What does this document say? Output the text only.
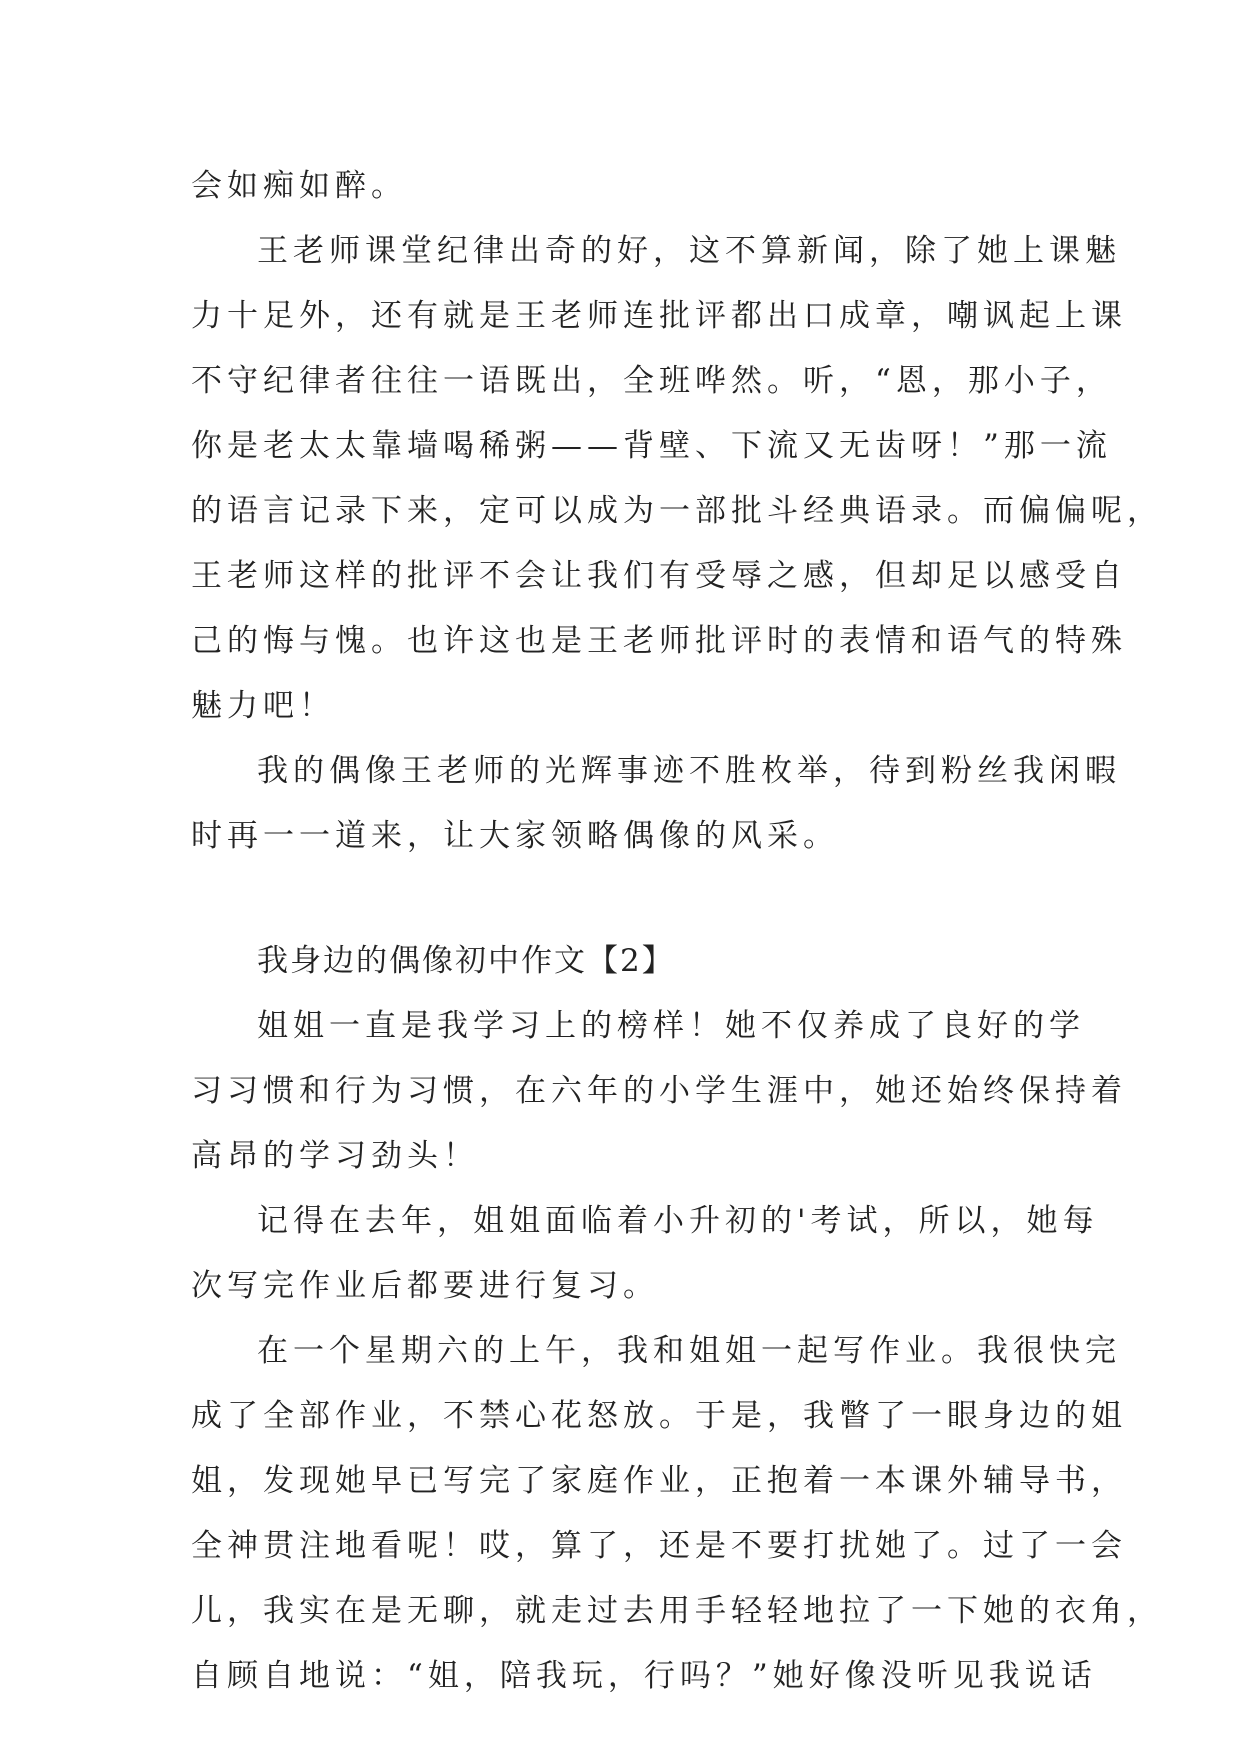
会如痴如醉。
王老师课堂纪律出奇的好，这不算新闻，除了她上课魅
力十足外，还有就是王老师连批评都出口成章，嘲讽起上课
不守纪律者往往一语既出，全班哗然。听，“恩，那小子，
你是老太太靠墙喝稀粥——背壁、下流又无齿呀！”那一流
的语言记录下来，定可以成为一部批斗经典语录。而偏偏呢，
王老师这样的批评不会让我们有受辱之感，但却足以感受自
己的悔与愧。也许这也是王老师批评时的表情和语气的特殊
魅力吧！
我的偶像王老师的光辉事迹不胜枚举，待到粉丝我闲暇
时再一一道来，让大家领略偶像的风采。
我身边的偶像初中作文【2】
姐姐一直是我学习上的榜样！她不仅养成了良好的学
习习惯和行为习惯，在六年的小学生涯中，她还始终保持着
高昂的学习劲头！
记得在去年，姐姐面临着小升初的'考试，所以，她每
次写完作业后都要进行复习。
在一个星期六的上午，我和姐姐一起写作业。我很快完
成了全部作业，不禁心花怒放。于是，我瞥了一眼身边的姐
姐，发现她早已写完了家庭作业，正抱着一本课外辅导书，
全神贯注地看呢！哎，算了，还是不要打扰她了。过了一会
儿，我实在是无聊，就走过去用手轻轻地拉了一下她的衣角，
自顾自地说：“姐，陪我玩，行吗？”她好像没听见我说话
